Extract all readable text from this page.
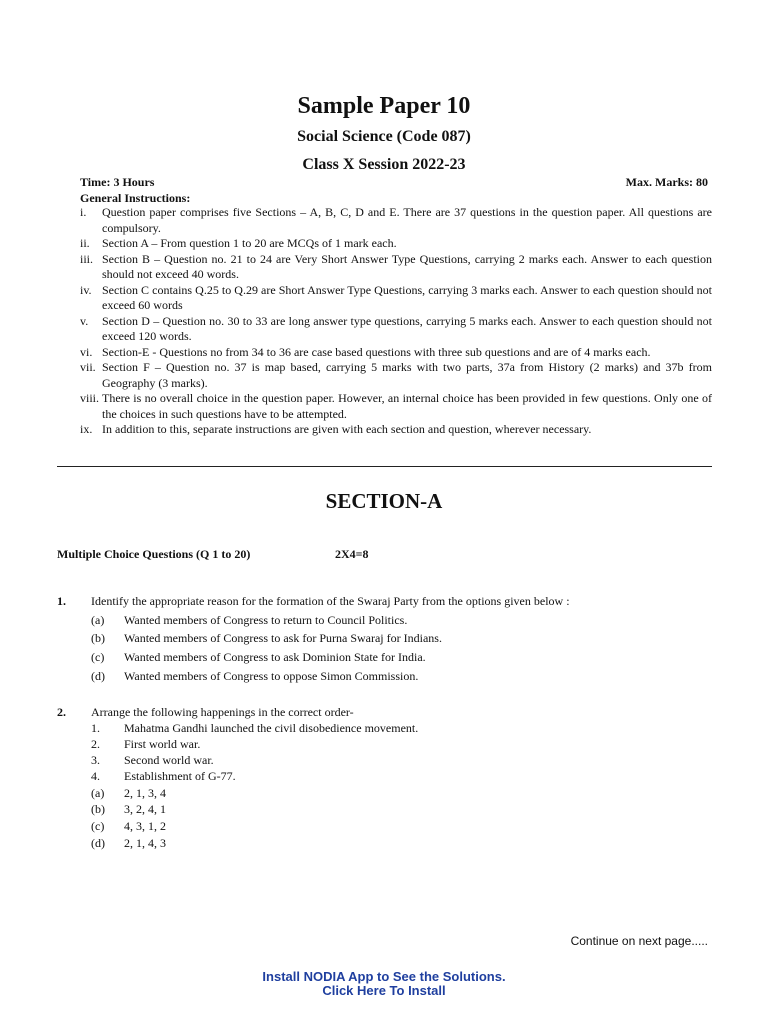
Sample Paper 10
Social Science (Code 087)
Class X Session 2022-23
Time: 3 Hours	Max. Marks: 80
General Instructions:
i. Question paper comprises five Sections – A, B, C, D and E. There are 37 questions in the question paper. All questions are compulsory.
ii. Section A – From question 1 to 20 are MCQs of 1 mark each.
iii. Section B – Question no. 21 to 24 are Very Short Answer Type Questions, carrying 2 marks each. Answer to each question should not exceed 40 words.
iv. Section C contains Q.25 to Q.29 are Short Answer Type Questions, carrying 3 marks each. Answer to each question should not exceed 60 words
v. Section D – Question no. 30 to 33 are long answer type questions, carrying 5 marks each. Answer to each question should not exceed 120 words.
vi. Section-E - Questions no from 34 to 36 are case based questions with three sub questions and are of 4 marks each.
vii. Section F – Question no. 37 is map based, carrying 5 marks with two parts, 37a from History (2 marks) and 37b from Geography (3 marks).
viii. There is no overall choice in the question paper. However, an internal choice has been provided in few questions. Only one of the choices in such questions have to be attempted.
ix. In addition to this, separate instructions are given with each section and question, wherever necessary.
SECTION-A
Multiple Choice Questions (Q 1 to 20)	2X4=8
1. Identify the appropriate reason for the formation of the Swaraj Party from the options given below :
(a) Wanted members of Congress to return to Council Politics.
(b) Wanted members of Congress to ask for Purna Swaraj for Indians.
(c) Wanted members of Congress to ask Dominion State for India.
(d) Wanted members of Congress to oppose Simon Commission.
2. Arrange the following happenings in the correct order-
1. Mahatma Gandhi launched the civil disobedience movement.
2. First world war.
3. Second world war.
4. Establishment of G-77.
(a) 2, 1, 3, 4
(b) 3, 2, 4, 1
(c) 4, 3, 1, 2
(d) 2, 1, 4, 3
Continue on next page.....
Install NODIA App to See the Solutions.
Click Here To Install
